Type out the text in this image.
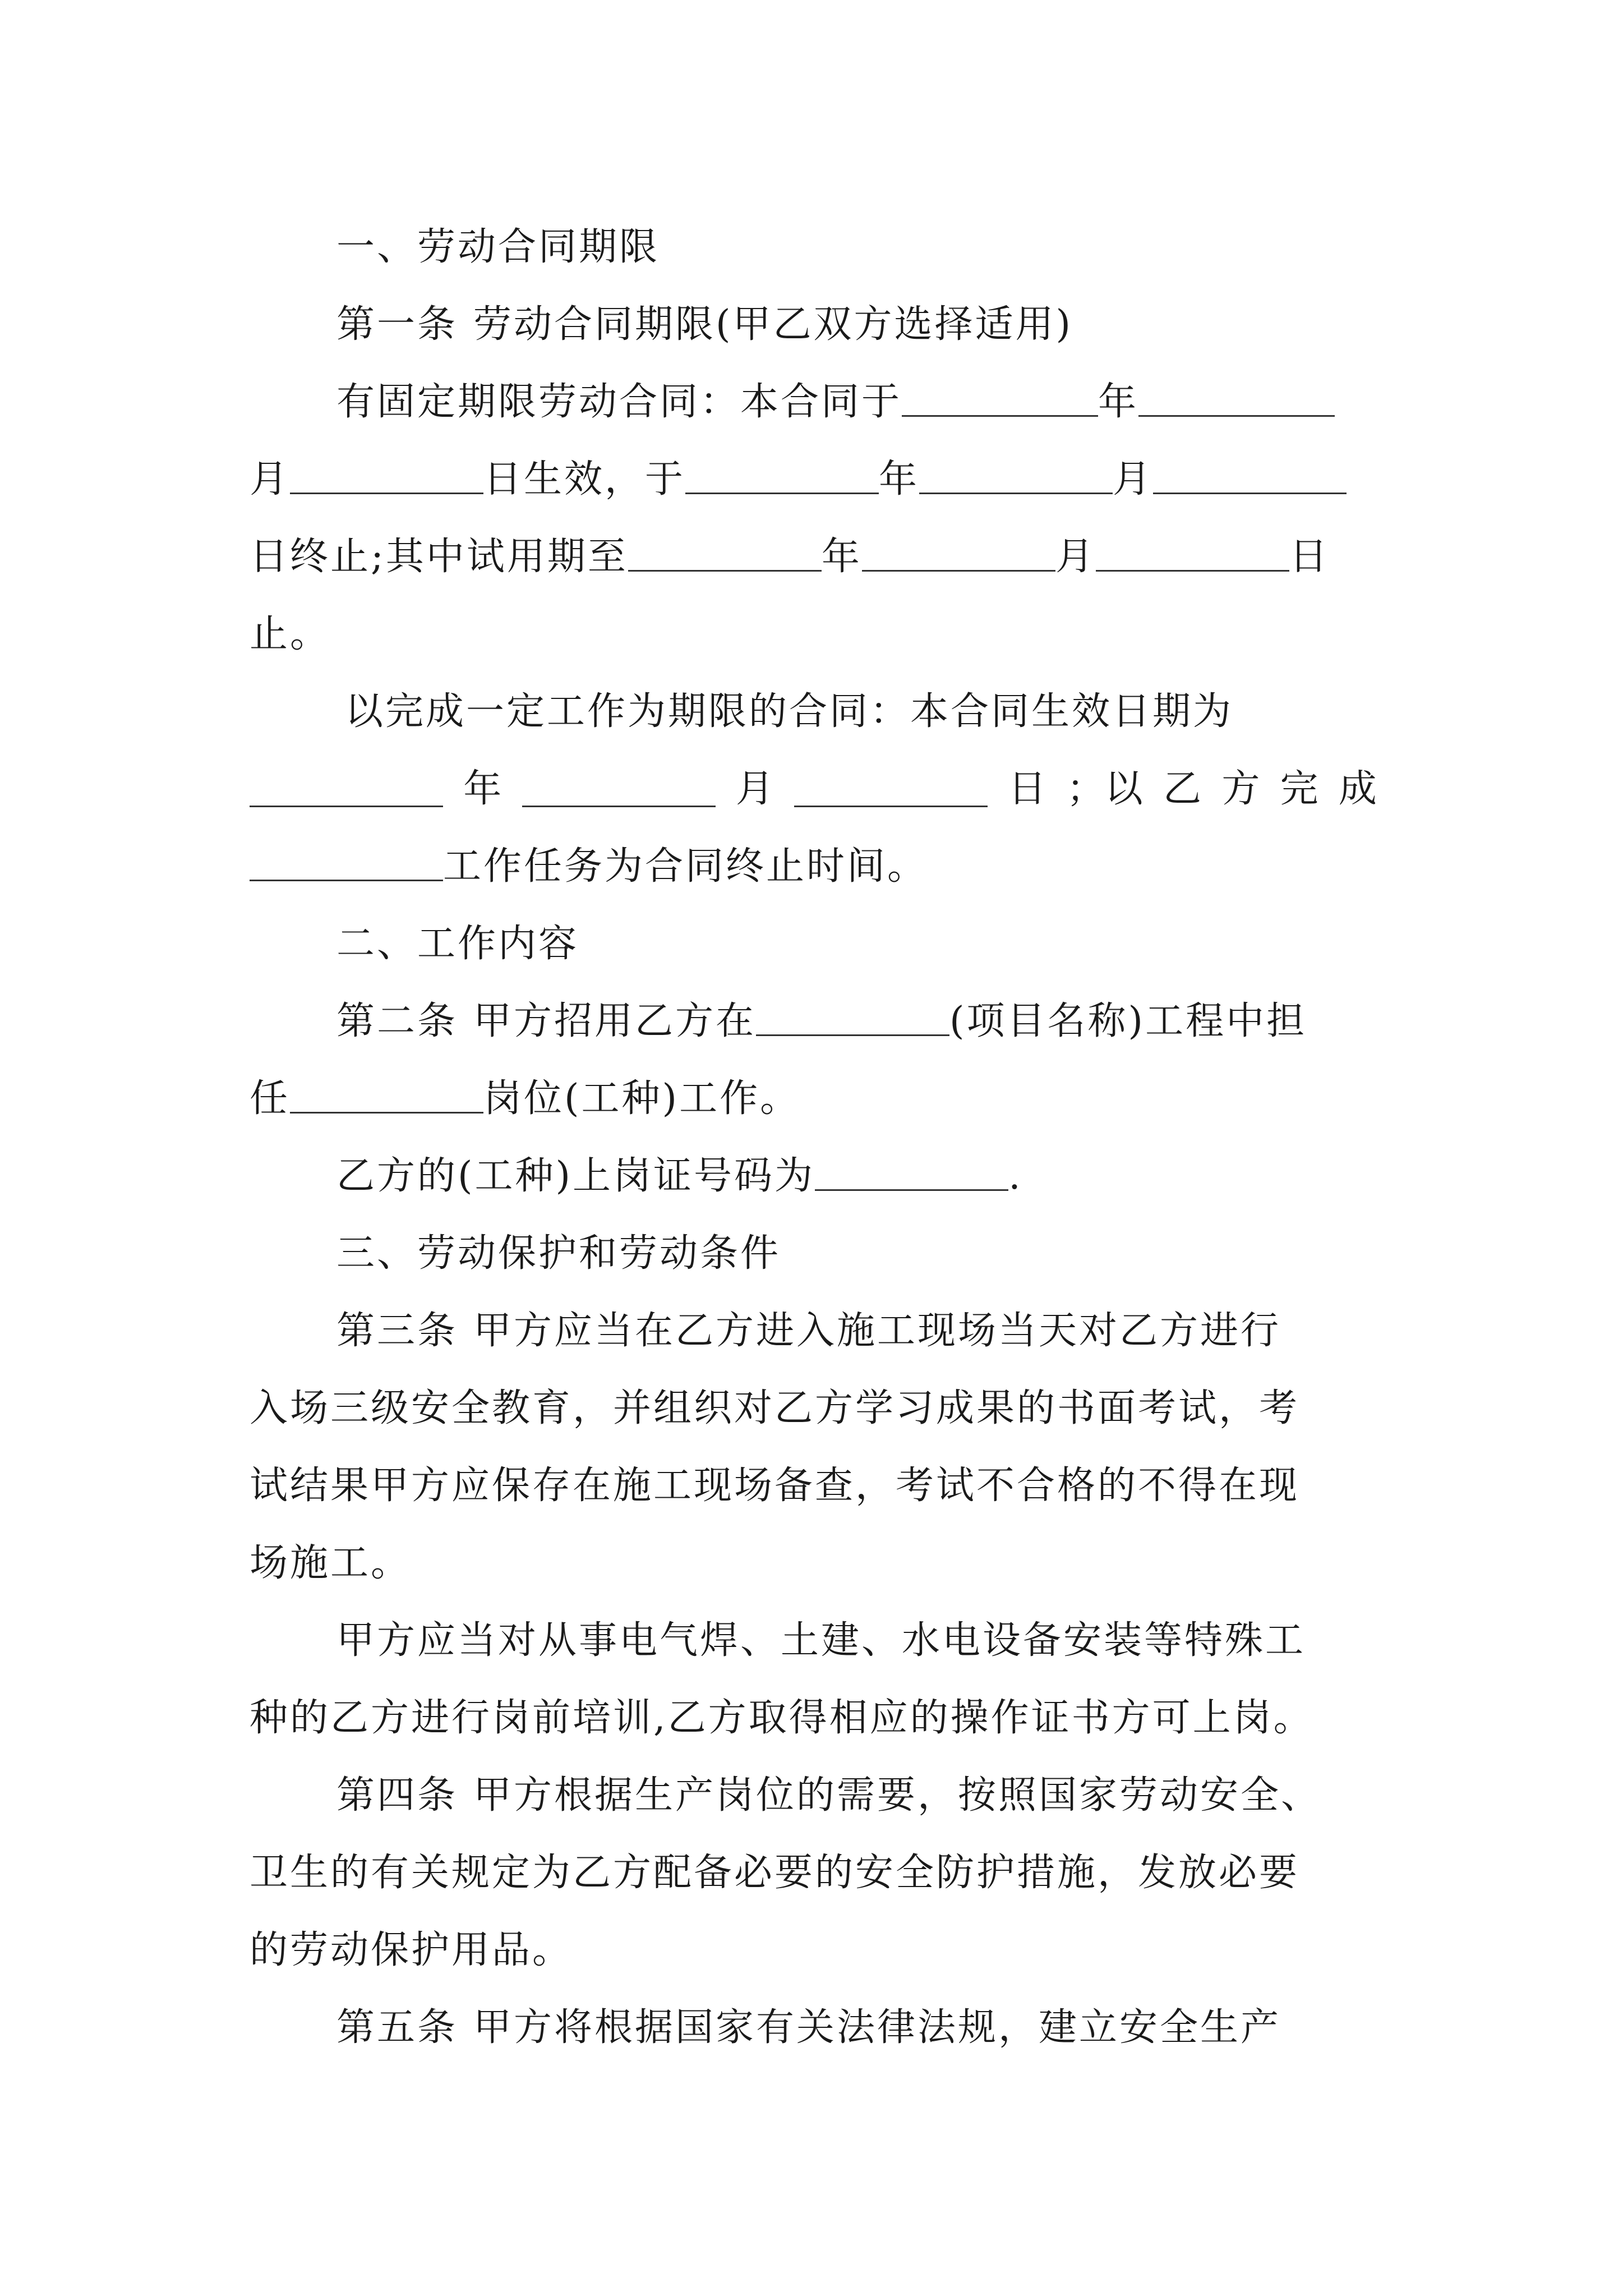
一、劳动合同期限
第一条 劳动合同期限(甲乙双方选择适用)
有固定期限劳动合同：本合同于	年
月	日生效，于	年	月
日终止;其中试用期至	年	月	日
止。
以完成一定工作为期限的合同：本合同生效日期为
年	月	日 ；以 乙 方 完 成
工作任务为合同终止时间。
二、工作内容
第二条 甲方招用乙方在	(项目名称)工程中担
任	岗位(工种)工作。
乙方的(工种)上岗证号码为	.
三、劳动保护和劳动条件
第三条 甲方应当在乙方进入施工现场当天对乙方进行
入场三级安全教育，并组织对乙方学习成果的书面考试，考
试结果甲方应保存在施工现场备查，考试不合格的不得在现
场施工。
甲方应当对从事电气焊、土建、水电设备安装等特殊工
种的乙方进行岗前培训,乙方取得相应的操作证书方可上岗。
第四条 甲方根据生产岗位的需要，按照国家劳动安全、
卫生的有关规定为乙方配备必要的安全防护措施，发放必要
的劳动保护用品。
第五条 甲方将根据国家有关法律法规，建立安全生产
